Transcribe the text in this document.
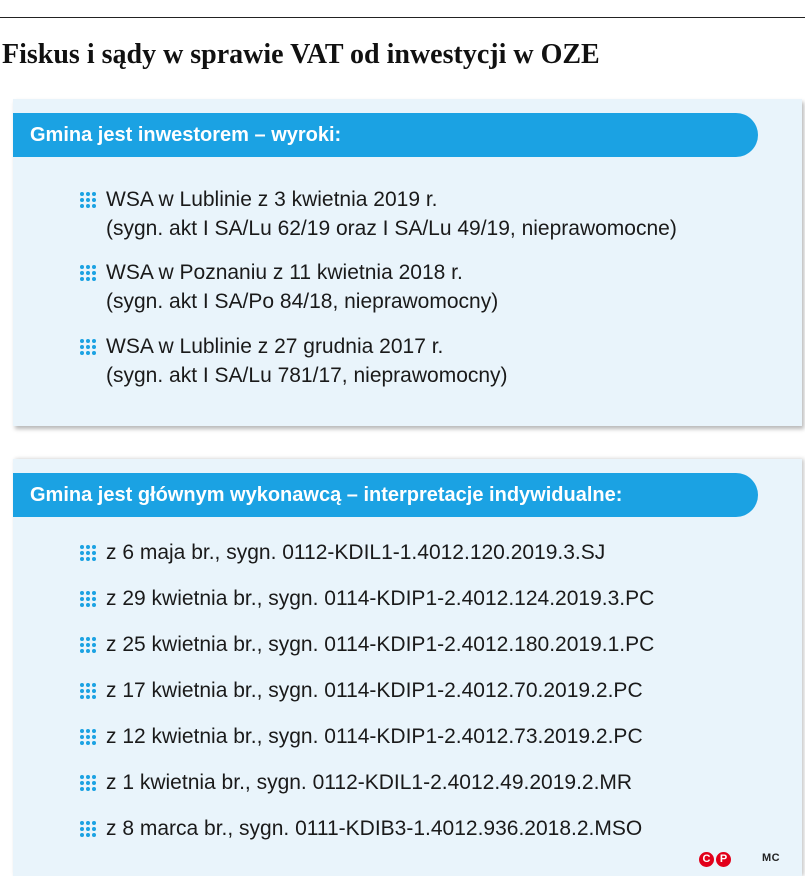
Fiskus i sądy w sprawie VAT od inwestycji w OZE
Gmina jest inwestorem – wyroki:
WSA w Lublinie z 3 kwietnia 2019 r.
(sygn. akt I SA/Lu 62/19 oraz I SA/Lu 49/19, nieprawomocne)
WSA w Poznaniu z 11 kwietnia 2018 r.
(sygn. akt I SA/Po 84/18, nieprawomocny)
WSA w Lublinie z 27 grudnia 2017 r.
(sygn. akt I SA/Lu 781/17, nieprawomocny)
Gmina jest głównym wykonawcą – interpretacje indywidualne:
z 6 maja br., sygn. 0112-KDIL1-1.4012.120.2019.3.SJ
z 29 kwietnia br., sygn. 0114-KDIP1-2.4012.124.2019.3.PC
z 25 kwietnia br., sygn. 0114-KDIP1-2.4012.180.2019.1.PC
z 17 kwietnia br., sygn. 0114-KDIP1-2.4012.70.2019.2.PC
z 12 kwietnia br., sygn. 0114-KDIP1-2.4012.73.2019.2.PC
z 1 kwietnia br., sygn. 0112-KDIL1-2.4012.49.2019.2.MR
z 8 marca br., sygn. 0111-KDIB3-1.4012.936.2018.2.MSO
C P	MC
